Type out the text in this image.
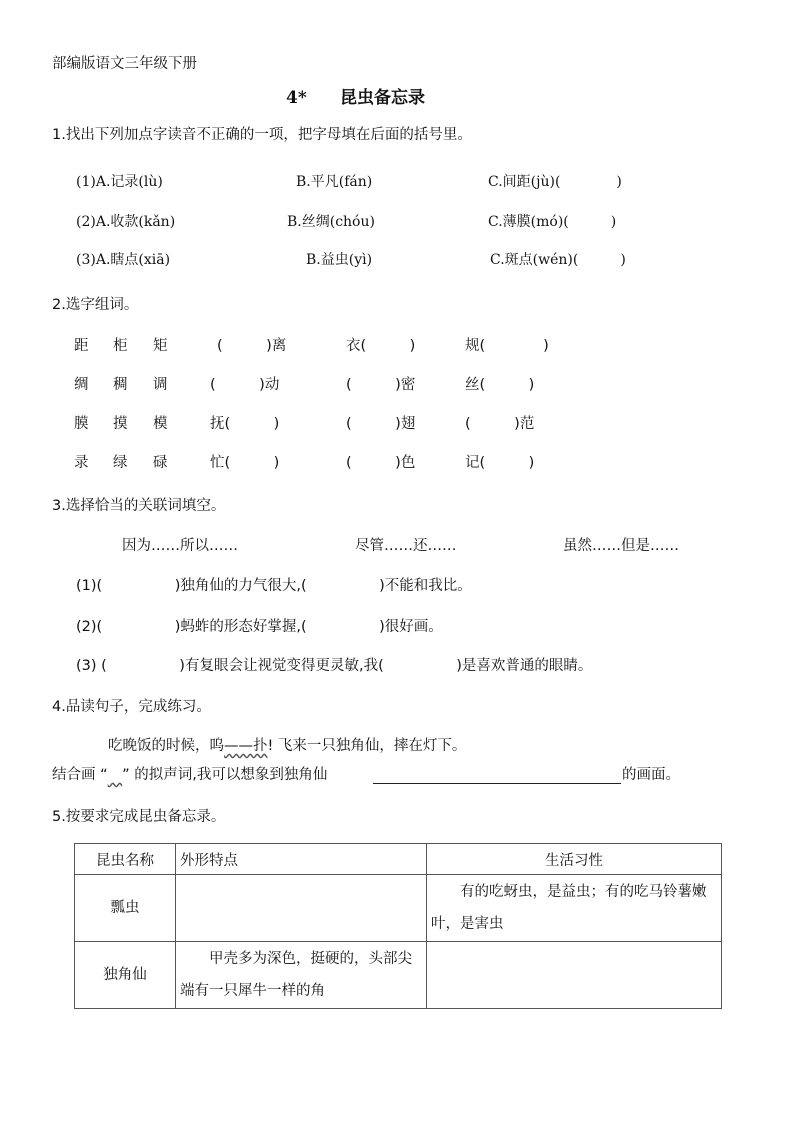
部编版语文三年级下册
4* 昆虫备忘录
1.找出下列加点字读音不正确的一项，把字母填在后面的括号里。
(1)A.记录(lù)	B.平凡(fán)	C.间距(jù)(　　　　)
(2)A.收款(kǎn)	B.丝绸(chóu)	C.薄膜(mó)(　　　)
(3)A.瞎点(xiā)	B.益虫(yì)	C.斑点(wén)(　　　)
2.选字组词。
距 柜 矩	(　　　)离	衣(　　　)	规(　　　　)
绸 稠 调	(　　　)动	(　　　)密	丝(　　　)
膜 摸 模	抚(　　　)	(　　　)翅	(　　　)范
录 绿 碌	忙(　　　)	(　　　)色	记(　　　)
3.选择恰当的关联词填空。
因为……所以……	尽管……还……	虽然……但是……
(1)(　　　　　)独角仙的力气很大,(　　　　　)不能和我比。
(2)(　　　　　)蚂蚱的形态好掌握,(　　　　　)很好画。
(3) (　　　　　)有复眼会让视觉变得更灵敏,我(　　　　　)是喜欢普通的眼睛。
4.品读句子，完成练习。
吃晚饭的时候，呜——扑! 飞来一只独角仙，摔在灯下。
结合画 “　 ” 的拟声词,我可以想象到独角仙	的画面。
5.按要求完成昆虫备忘录。
昆虫名称	外形特点	生活习性
瓢虫		有的吃蚜虫，是益虫；有的吃马铃薯嫩叶，是害虫
独角仙	甲壳多为深色，挺硬的，头部尖端有一只犀牛一样的角	
